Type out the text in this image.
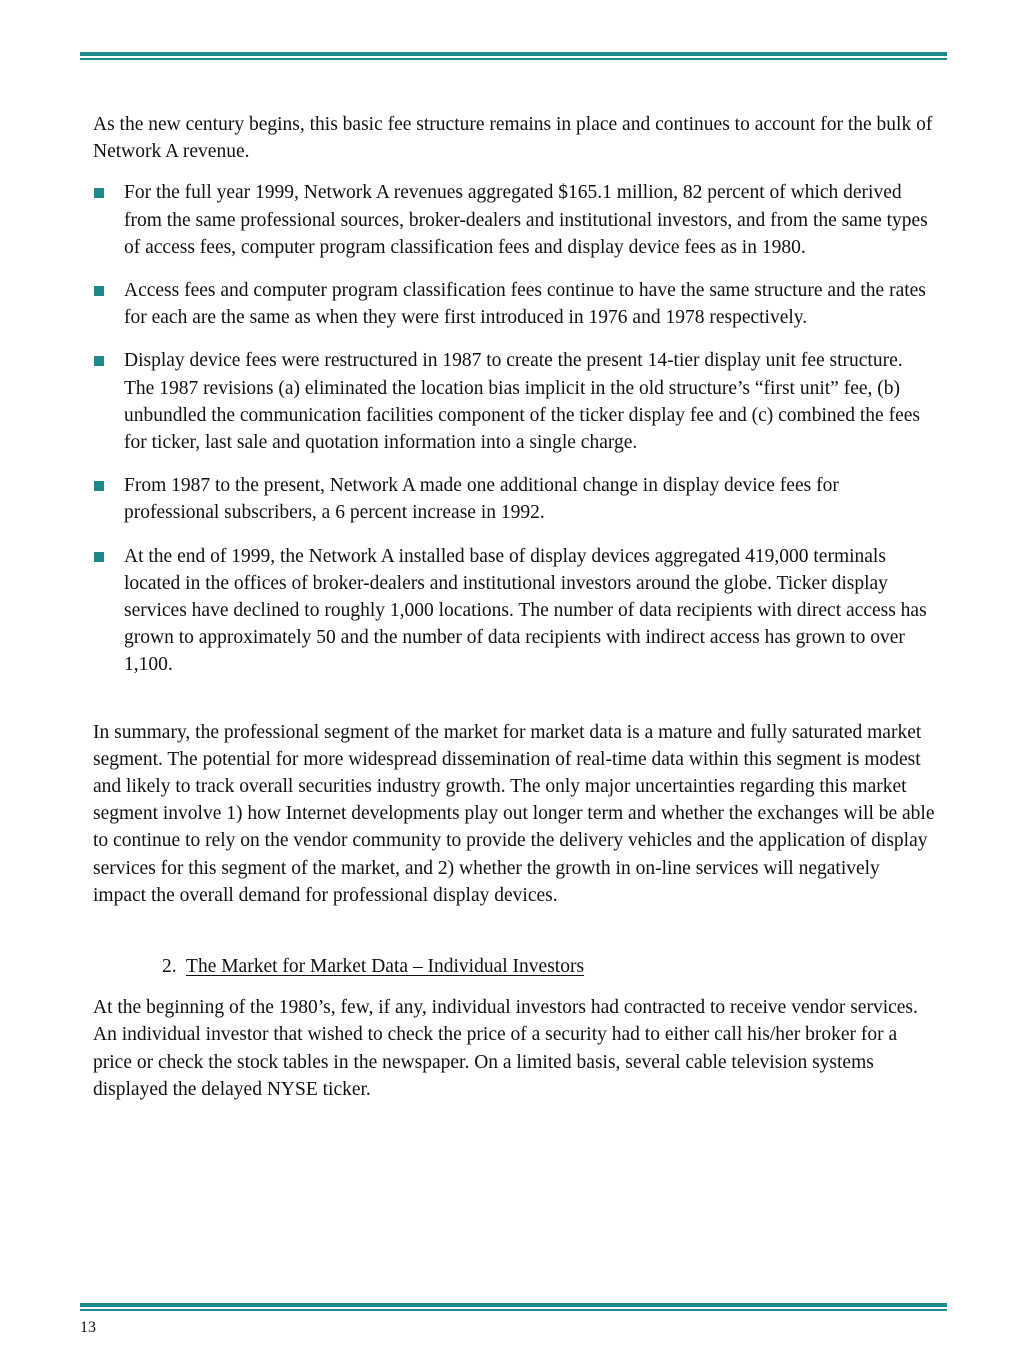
As the new century begins, this basic fee structure remains in place and continues to account for the bulk of Network A revenue.

For the full year 1999, Network A revenues aggregated $165.1 million, 82 percent of which derived from the same professional sources, broker-dealers and institutional investors, and from the same types of access fees, computer program classification fees and display device fees as in 1980.
Access fees and computer program classification fees continue to have the same structure and the rates for each are the same as when they were first introduced in 1976 and 1978 respectively.
Display device fees were restructured in 1987 to create the present 14-tier display unit fee structure. The 1987 revisions (a) eliminated the location bias implicit in the old structure’s “first unit” fee, (b) unbundled the communication facilities component of the ticker display fee and (c) combined the fees for ticker, last sale and quotation information into a single charge.
From 1987 to the present, Network A made one additional change in display device fees for professional subscribers, a 6 percent increase in 1992.
At the end of 1999, the Network A installed base of display devices aggregated 419,000 terminals located in the offices of broker-dealers and institutional investors around the globe. Ticker display services have declined to roughly 1,000 locations. The number of data recipients with direct access has grown to approximately 50 and the number of data recipients with indirect access has grown to over 1,100.

In summary, the professional segment of the market for market data is a mature and fully saturated market segment. The potential for more widespread dissemination of real-time data within this segment is modest and likely to track overall securities industry growth. The only major uncertainties regarding this market segment involve 1) how Internet developments play out longer term and whether the exchanges will be able to continue to rely on the vendor community to provide the delivery vehicles and the application of display services for this segment of the market, and 2) whether the growth in on-line services will negatively impact the overall demand for professional display devices.

2. The Market for Market Data – Individual Investors

At the beginning of the 1980’s, few, if any, individual investors had contracted to receive vendor services. An individual investor that wished to check the price of a security had to either call his/her broker for a price or check the stock tables in the newspaper. On a limited basis, several cable television systems displayed the delayed NYSE ticker.

13
